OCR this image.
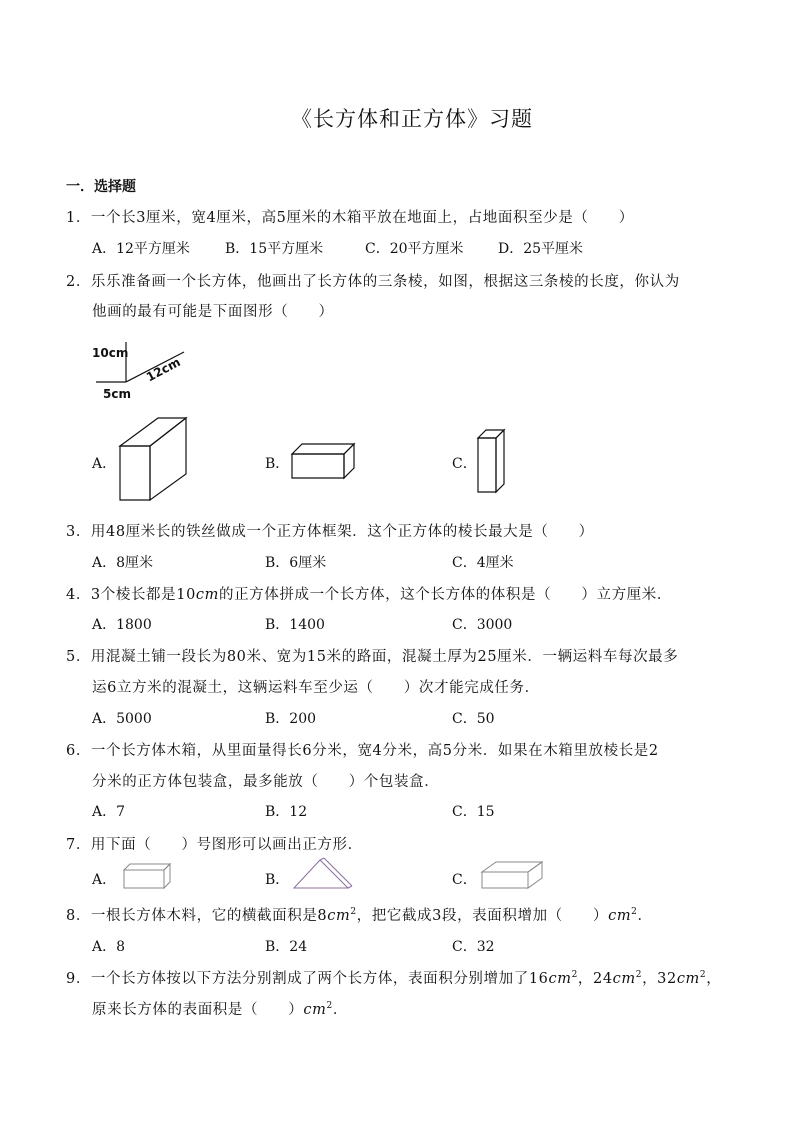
《长方体和正方体》习题
一．选择题
1．一个长3厘米，宽4厘米，高5厘米的木箱平放在地面上，占地面积至少是（　　）
A．12平方厘米	B．15平方厘米	C．20平方厘米 D．25平厘米
2．乐乐准备画一个长方体，他画出了长方体的三条棱，如图，根据这三条棱的长度，你认为
他画的最有可能是下面图形（　　）
10cm
12cm
5cm
A．	B．	C．
3．用48厘米长的铁丝做成一个正方体框架．这个正方体的棱长最大是（　　）
A．8厘米	B．6厘米	C．4厘米
4．3个棱长都是10cm的正方体拼成一个长方体，这个长方体的体积是（　　）立方厘米．
A．1800	B．1400	C．3000
5．用混凝土铺一段长为80米、宽为15米的路面，混凝土厚为25厘米．一辆运料车每次最多
运6立方米的混凝土，这辆运料车至少运（　　）次才能完成任务．
A．5000	B．200	C．50
6．一个长方体木箱，从里面量得长6分米，宽4分米，高5分米．如果在木箱里放棱长是2
分米的正方体包装盒，最多能放（　　）个包装盒．
A．7	B．12	C．15
7．用下面（　　）号图形可以画出正方形．
A．	B．	C．
8．一根长方体木料，它的横截面积是$8cm^2$，把它截成3段，表面积增加（　　）$cm^2$．
A．8	B．24	C．32
9．一个长方体按以下方法分别割成了两个长方体，表面积分别增加了$16cm^2$，$24cm^2$，$32cm^2$，
原来长方体的表面积是（　　）$cm^2$．
